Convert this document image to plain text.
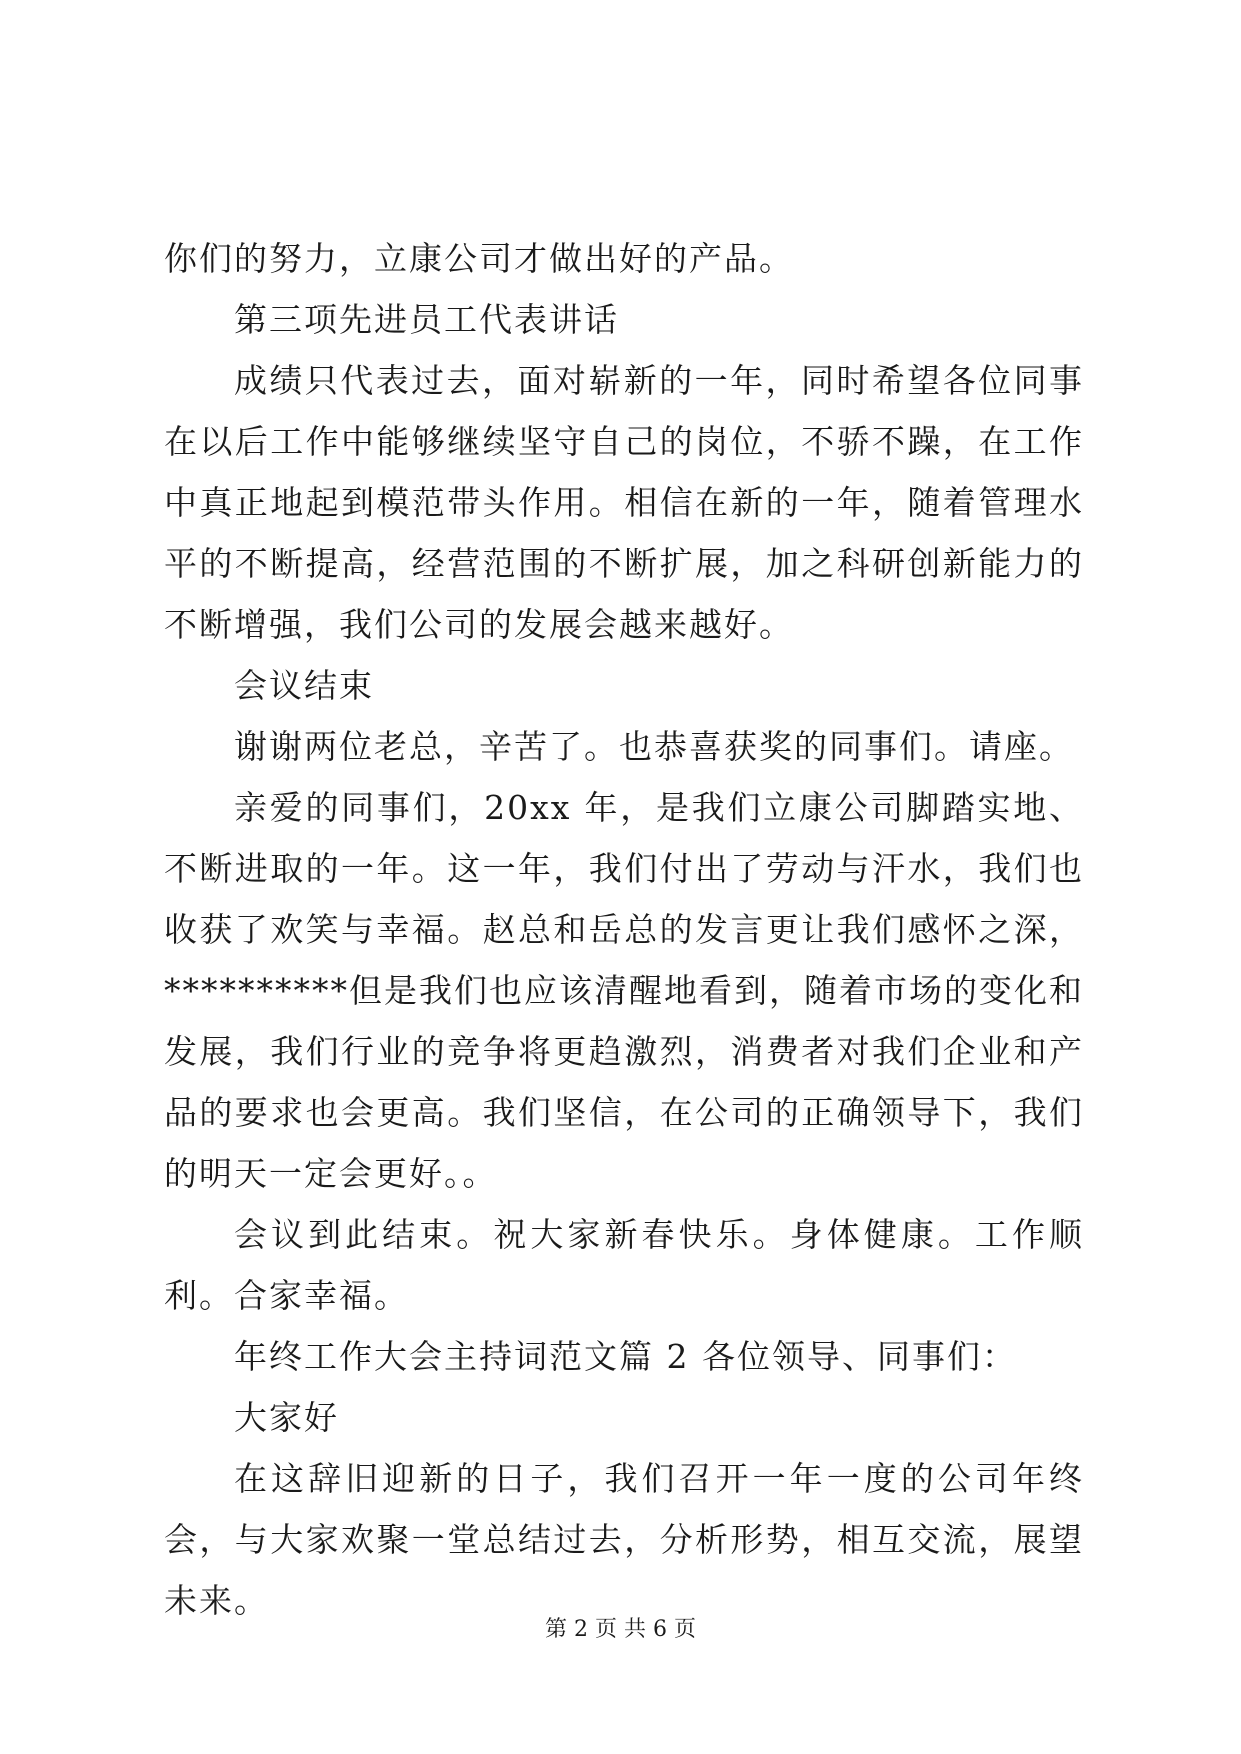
你们的努力，立康公司才做出好的产品。

第三项先进员工代表讲话

成绩只代表过去，面对崭新的一年，同时希望各位同事在以后工作中能够继续坚守自己的岗位，不骄不躁，在工作中真正地起到模范带头作用。相信在新的一年，随着管理水平的不断提高，经营范围的不断扩展，加之科研创新能力的不断增强，我们公司的发展会越来越好。

会议结束

谢谢两位老总，辛苦了。也恭喜获奖的同事们。请座。

亲爱的同事们，20xx 年，是我们立康公司脚踏实地、不断进取的一年。这一年，我们付出了劳动与汗水，我们也收获了欢笑与幸福。赵总和岳总的发言更让我们感怀之深，**********但是我们也应该清醒地看到，随着市场的变化和发展，我们行业的竞争将更趋激烈，消费者对我们企业和产品的要求也会更高。我们坚信，在公司的正确领导下，我们的明天一定会更好。。

会议到此结束。祝大家新春快乐。身体健康。工作顺利。合家幸福。

年终工作大会主持词范文篇 2 各位领导、同事们：

大家好

在这辞旧迎新的日子，我们召开一年一度的公司年终会，与大家欢聚一堂总结过去，分析形势，相互交流，展望未来。

第 2 页 共 6 页
